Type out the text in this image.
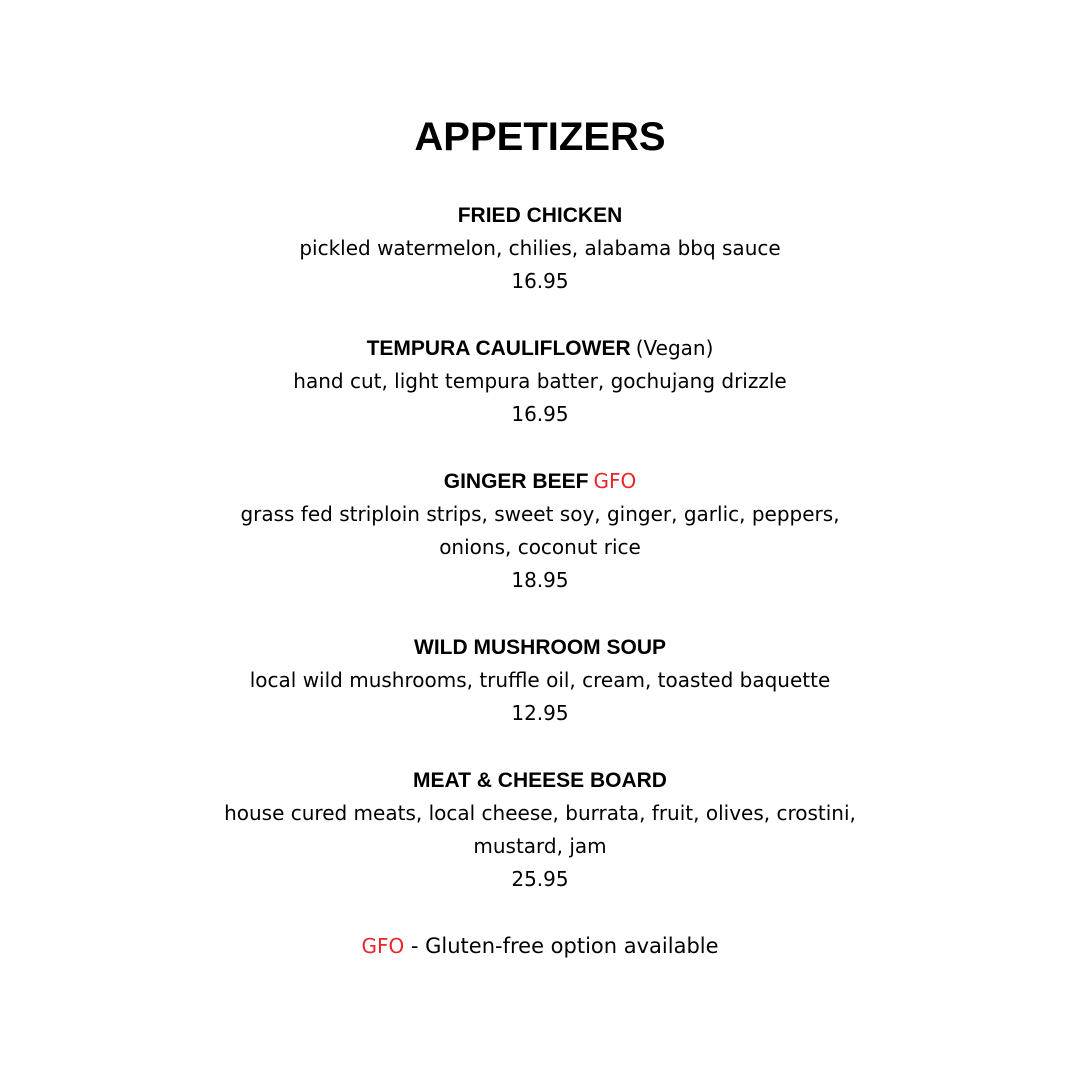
APPETIZERS
FRIED CHICKEN
pickled watermelon, chilies, alabama bbq sauce
16.95
TEMPURA CAULIFLOWER (Vegan)
hand cut, light tempura batter, gochujang drizzle
16.95
GINGER BEEF GFO
grass fed striploin strips, sweet soy, ginger, garlic, peppers, onions, coconut rice
18.95
WILD MUSHROOM SOUP
local wild mushrooms, truffle oil, cream, toasted baquette
12.95
MEAT & CHEESE BOARD
house cured meats, local cheese, burrata, fruit, olives, crostini, mustard, jam
25.95
GFO - Gluten-free option available
